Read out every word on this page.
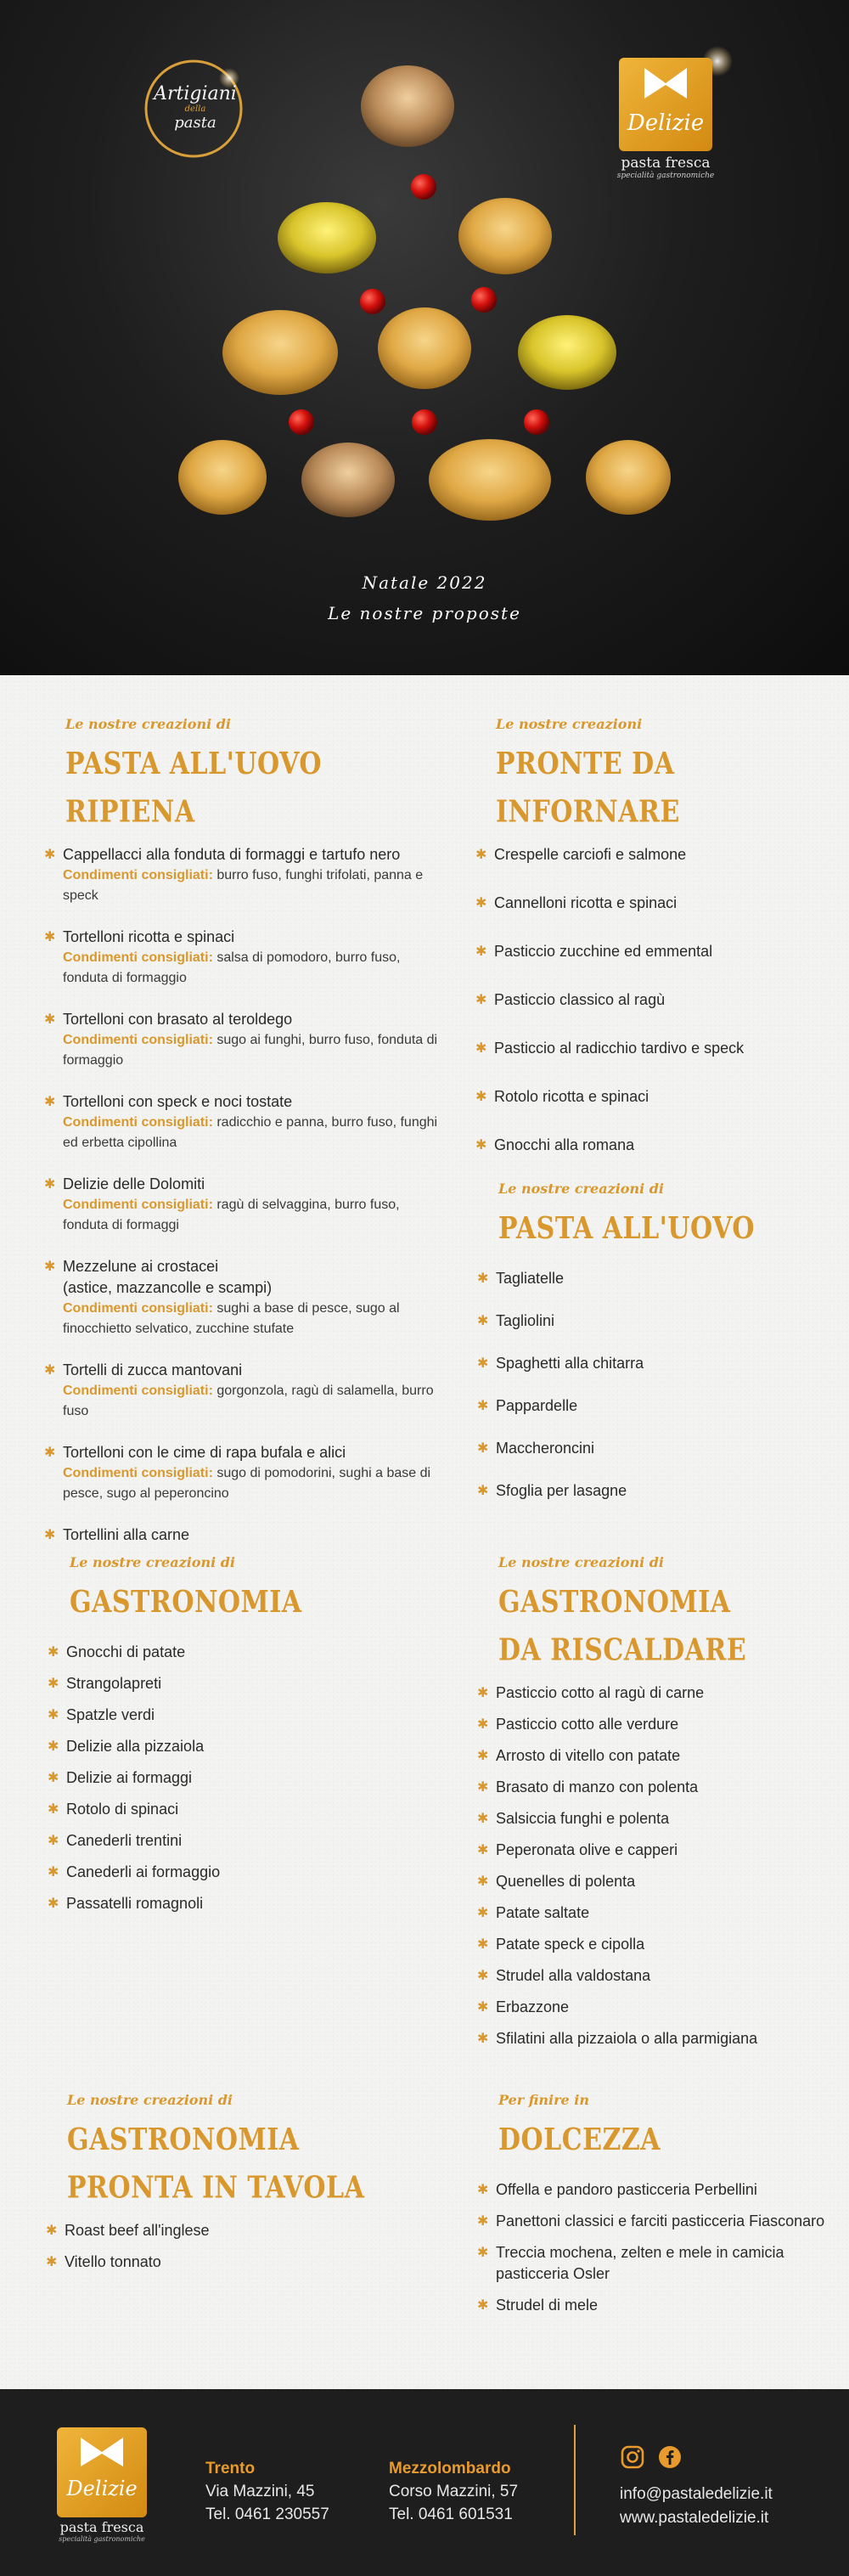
Artigiani
della
pasta	Delizie
pasta fresca
specialità gastronomiche
Natale 2022
Le nostre proposte
Le nostre creazioni di
PASTA ALL'UOVO RIPIENA
✱ Cappellacci alla fonduta di formaggi e tartufo nero
Condimenti consigliati: burro fuso, funghi trifolati, panna e speck
✱ Tortelloni ricotta e spinaci
Condimenti consigliati: salsa di pomodoro, burro fuso, fonduta di formaggio
✱ Tortelloni con brasato al teroldego
Condimenti consigliati: sugo ai funghi, burro fuso, fonduta di formaggio
✱ Tortelloni con speck e noci tostate
Condimenti consigliati: radicchio e panna, burro fuso, funghi ed erbetta cipollina
✱ Delizie delle Dolomiti
Condimenti consigliati: ragù di selvaggina, burro fuso, fonduta di formaggi
✱ Mezzelune ai crostacei
(astice, mazzancolle e scampi)
Condimenti consigliati: sughi a base di pesce, sugo al finocchietto selvatico, zucchine stufate
✱ Tortelli di zucca mantovani
Condimenti consigliati: gorgonzola, ragù di salamella, burro fuso
✱ Tortelloni con le cime di rapa bufala e alici
Condimenti consigliati: sugo di pomodorini, sughi a base di pesce, sugo al peperoncino
✱ Tortellini alla carne
Le nostre creazioni
PRONTE DA INFORNARE
✱ Crespelle carciofi e salmone
✱ Cannelloni ricotta e spinaci
✱ Pasticcio zucchine ed emmental
✱ Pasticcio classico al ragù
✱ Pasticcio al radicchio tardivo e speck
✱ Rotolo ricotta e spinaci
✱ Gnocchi alla romana
Le nostre creazioni di
PASTA ALL'UOVO
✱ Tagliatelle
✱ Tagliolini
✱ Spaghetti alla chitarra
✱ Pappardelle
✱ Maccheroncini
✱ Sfoglia per lasagne
Le nostre creazioni di
GASTRONOMIA
✱ Gnocchi di patate
✱ Strangolapreti
✱ Spatzle verdi
✱ Delizie alla pizzaiola
✱ Delizie ai formaggi
✱ Rotolo di spinaci
✱ Canederli trentini
✱ Canederli ai formaggio
✱ Passatelli romagnoli
Le nostre creazioni di
GASTRONOMIA
DA RISCALDARE
✱ Pasticcio cotto al ragù di carne
✱ Pasticcio cotto alle verdure
✱ Arrosto di vitello con patate
✱ Brasato di manzo con polenta
✱ Salsiccia funghi e polenta
✱ Peperonata olive e capperi
✱ Quenelles di polenta
✱ Patate saltate
✱ Patate speck e cipolla
✱ Strudel alla valdostana
✱ Erbazzone
✱ Sfilatini alla pizzaiola o alla parmigiana
Le nostre creazioni di
GASTRONOMIA
PRONTA IN TAVOLA
✱ Roast beef all'inglese
✱ Vitello tonnato
Per finire in
DOLCEZZA
✱ Offella e pandoro pasticceria Perbellini
✱ Panettoni classici e farciti pasticceria Fiasconaro
✱ Treccia mochena, zelten e mele in camicia pasticceria Osler
✱ Strudel di mele
Delizie
pasta fresca
specialità gastronomiche
Trento
Via Mazzini, 45
Tel. 0461 230557
Mezzolombardo
Corso Mazzini, 57
Tel. 0461 601531
info@pastaledelizie.it
www.pastaledelizie.it
